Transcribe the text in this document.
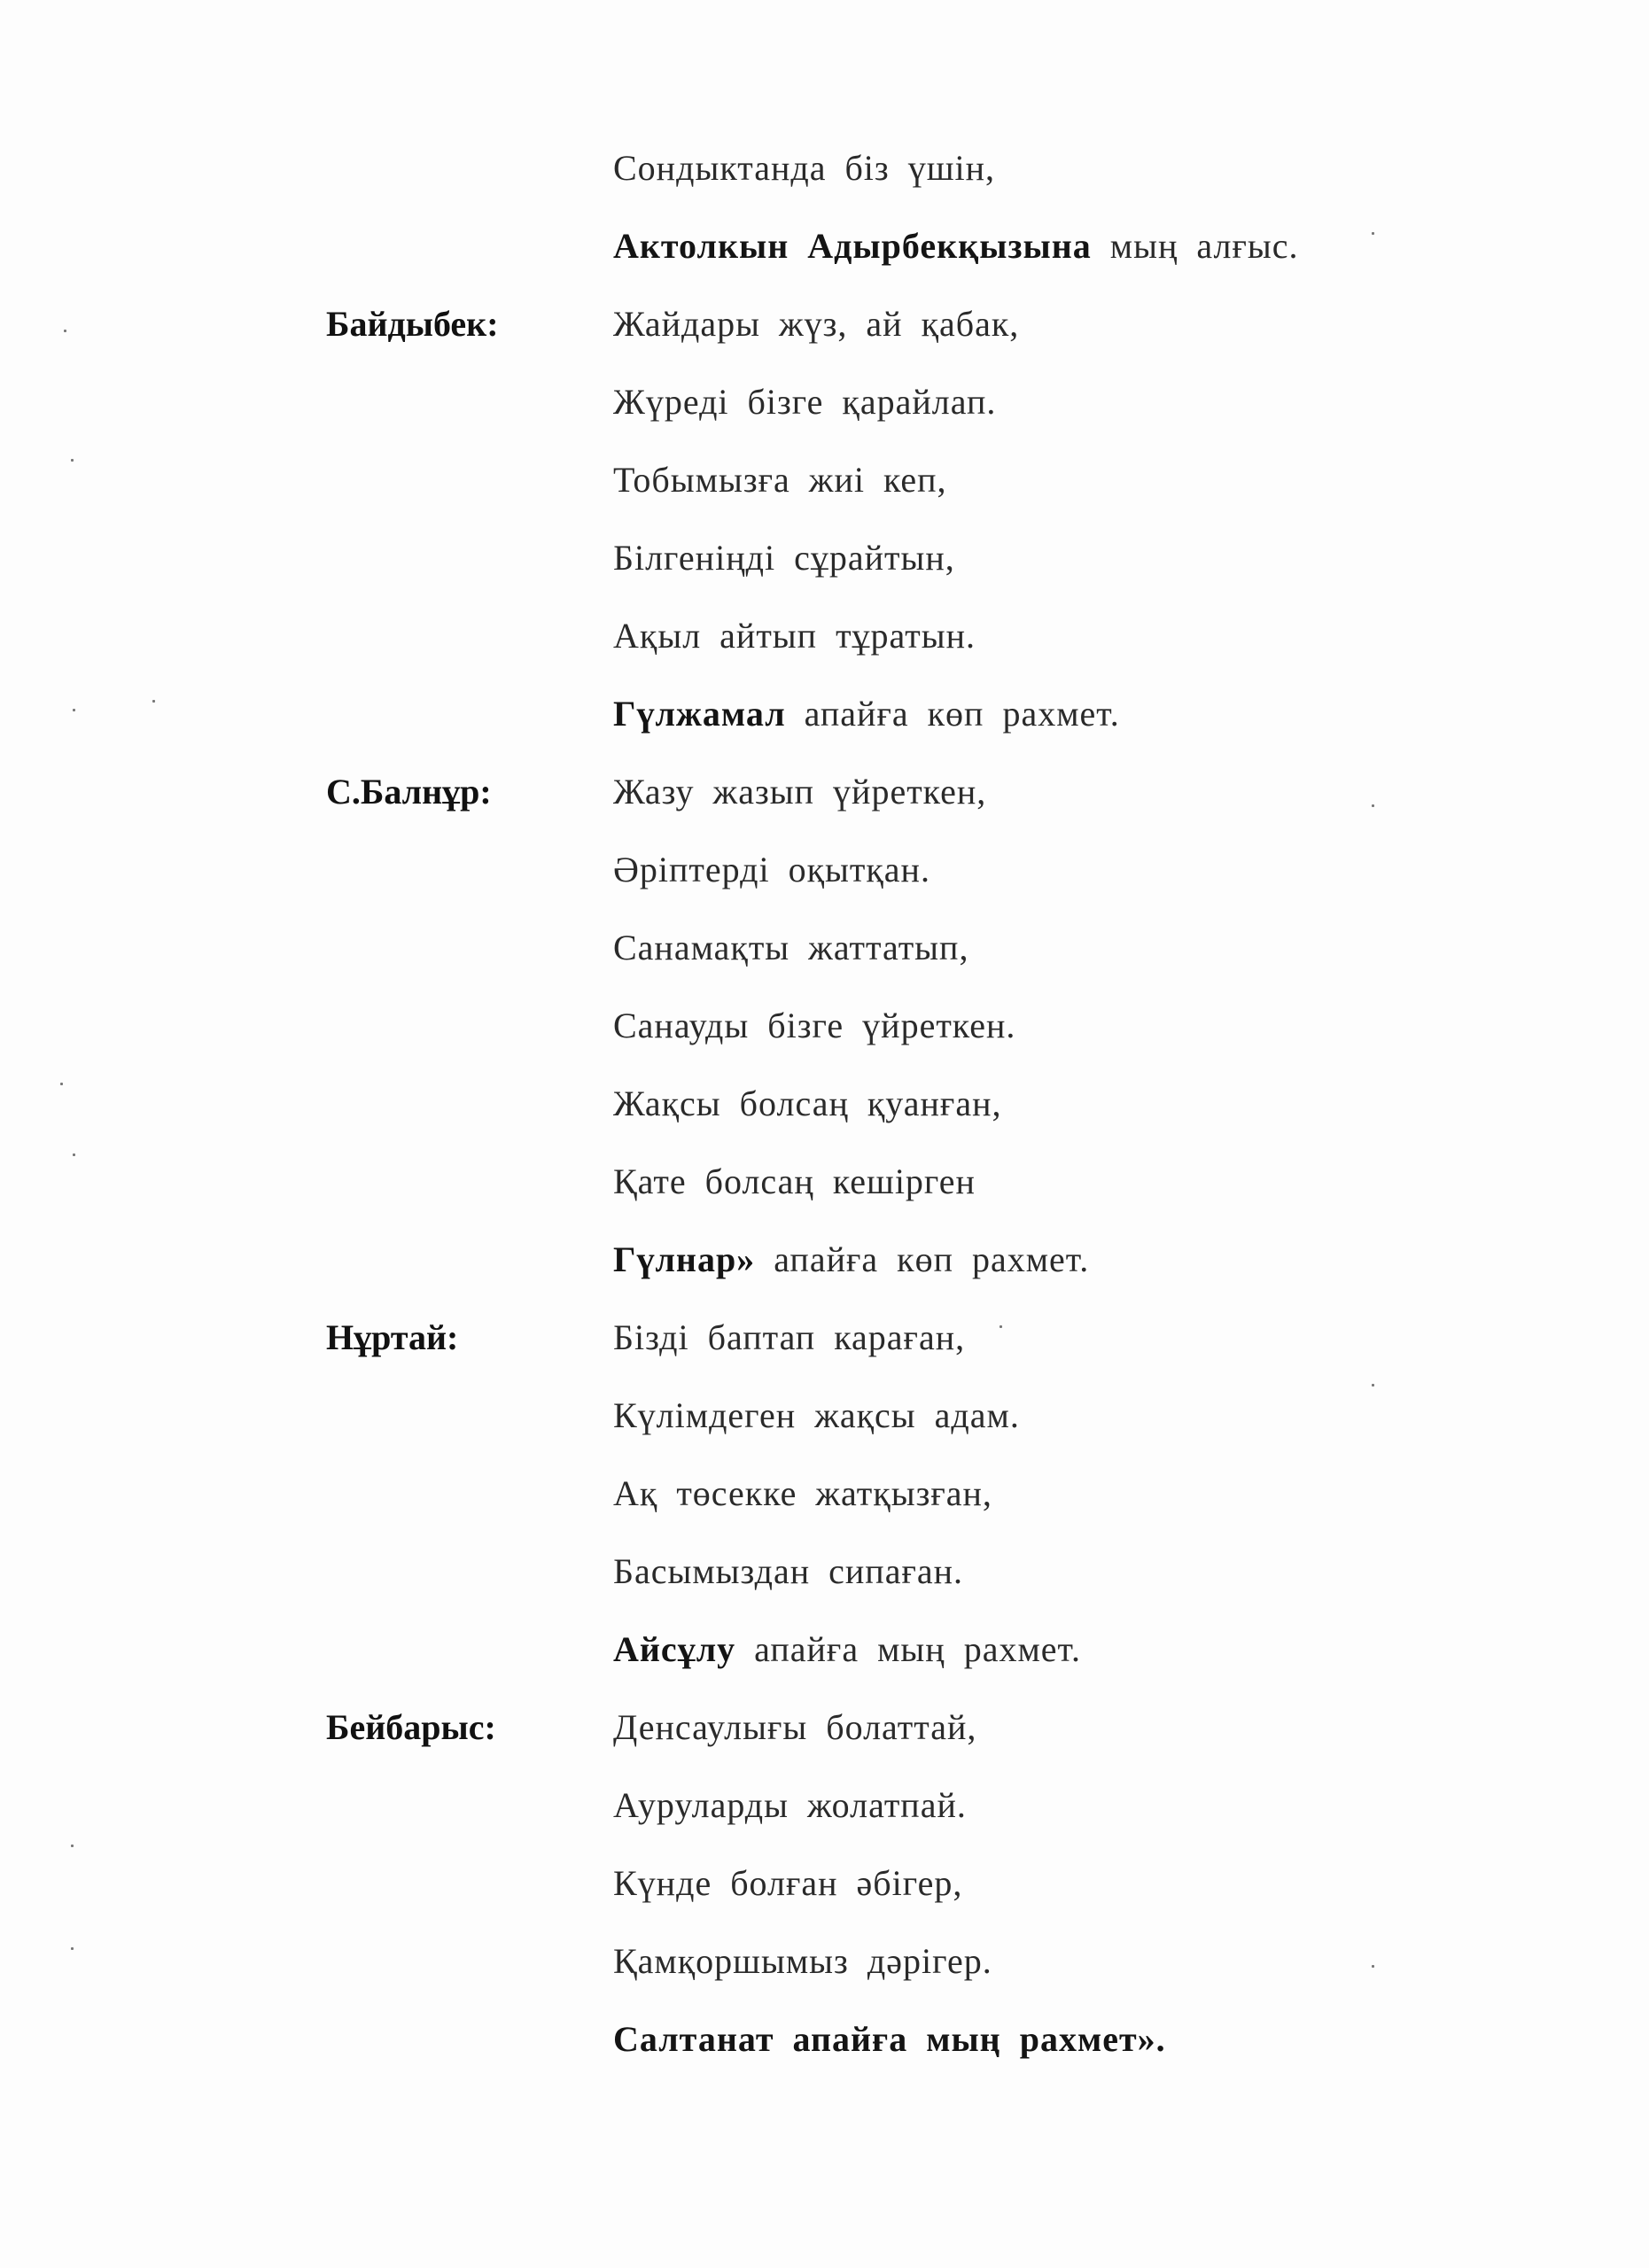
Сондыктанда біз үшін,
Актолкын Адырбекқызына мың алғыс.
Байдыбек:	Жайдары жүз, ай қабак,
Жүреді бізге қарайлап.
Тобымызға жиі кеп,
Білгеніңді сұрайтын,
Ақыл айтып тұратын.
Гүлжамал апайға көп рахмет.
С.Балнұр:	Жазу жазып үйреткен,
Әріптерді оқытқан.
Санамақты жаттатып,
Санауды бізге үйреткен.
Жақсы болсаң қуанған,
Қате болсаң кешірген
Гүлнар» апайға көп рахмет.
Нұртай:	Бізді баптап караған,
Күлімдеген жақсы адам.
Ақ төсекке жатқызған,
Басымыздан сипаған.
Айсұлу апайға мың рахмет.
Бейбарыс:	Денсаулығы болаттай,
Ауруларды жолатпай.
Күнде болған әбігер,
Қамқоршымыз дәрігер.
Салтанат апайға мың рахмет».
